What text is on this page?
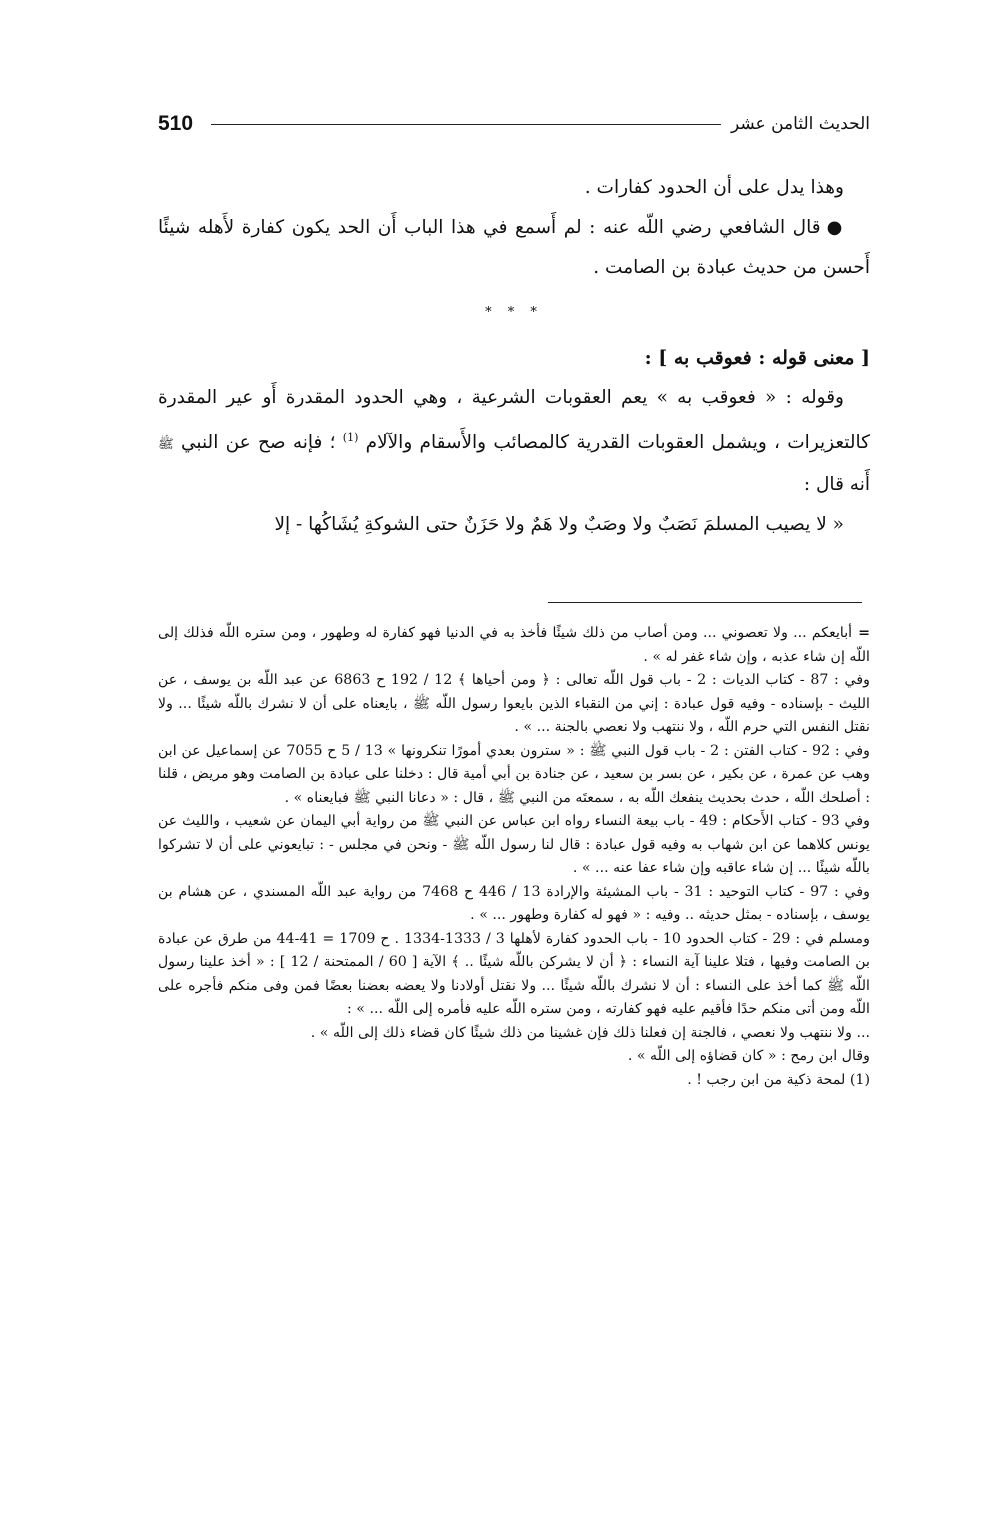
510	الحديث الثامن عشر

وهذا يدل على أن الحدود كفارات .

●قال الشافعي رضي اللّه عنه : لم أَسمع في هذا الباب أَن الحد يكون كفارة لأَهله شيئًا أَحسن من حديث عبادة بن الصامت .

* * *

[ معنى قوله : فعوقب به ] :

وقوله : « فعوقب به » يعم العقوبات الشرعية ، وهي الحدود المقدرة أَو عير المقدرة كالتعزيرات ، ويشمل العقوبات القدرية كالمصائب والأَسقام والآلام $^{(1)}$ ؛ فإنه صح عن النبي ﷺ أَنه قال :

« لا يصيب المسلمَ نَصَبٌ ولا وصَبٌ ولا هَمٌ ولا حَزَنٌ حتى الشوكةِ يُشَاكُها - إلا

=أبايعكم ... ولا تعصوني ... ومن أصاب من ذلك شيئًا فأخذ به في الدنيا فهو كفارة له وطهور ، ومن ستره اللّه فذلك إلى اللّه إن شاء عذبه ، وإن شاء غفر له » .

وفي : 87 - كتاب الديات : 2 - باب قول اللّه تعالى : ﴿ ومن أحياها ﴾ 12 / 192 ح 6863 عن عبد اللّه بن يوسف ، عن الليث - بإسناده - وفيه قول عبادة : إني من النقباء الذين بايعوا رسول اللّه ﷺ ، بايعناه على أن لا نشرك باللّه شيئًا ... ولا نقتل النفس التي حرم اللّه ، ولا ننتهب ولا نعصي بالجنة ... » .

وفي : 92 - كتاب الفتن : 2 - باب قول النبي ﷺ : « سترون بعدي أمورًا تنكرونها » 13 / 5 ح 7055 عن إسماعيل عن ابن وهب عن عمرة ، عن بكير ، عن بسر بن سعيد ، عن جنادة بن أبي أمية قال : دخلنا على عبادة بن الصامت وهو مريض ، قلنا : أصلحك اللّه ، حدث بحديث ينفعك اللّه به ، سمعتَه من النبي ﷺ ، قال : « دعانا النبي ﷺ فبايعناه » .

وفي 93 - كتاب الأَحكام : 49 - باب بيعة النساء رواه ابن عباس عن النبي ﷺ من رواية أبي اليمان عن شعيب ، والليث عن يونس كلاهما عن ابن شهاب به وفيه قول عبادة : قال لنا رسول اللّه ﷺ - ونحن في مجلس - : تبايعوني على أن لا تشركوا باللّه شيئًا ... إن شاء عاقبه وإن شاء عفا عنه ... » .

وفي : 97 - كتاب التوحيد : 31 - باب المشيئة والإرادة 13 / 446 ح 7468 من رواية عبد اللّه المسندي ، عن هشام بن يوسف ، بإسناده - بمثل حديثه .. وفيه : « فهو له كفارة وطهور ... » .

ومسلم في : 29 - كتاب الحدود 10 - باب الحدود كفارة لأهلها 3 / 1333-1334 . ح 1709 = 41-44 من طرق عن عبادة بن الصامت وفيها ، فتلا علينا آية النساء : ﴿ أن لا يشركن باللّه شيئًا .. ﴾ الآية [ 60 / الممتحنة / 12 ] : « أخذ علينا رسول اللّه ﷺ كما أخذ على النساء : أن لا نشرك باللّه شيئًا ... ولا نقتل أولادنا ولا يعضه بعضنا بعضًا فمن وفى منكم فأجره على اللّه ومن أتى منكم حدًا فأقيم عليه فهو كفارته ، ومن ستره اللّه عليه فأمره إلى اللّه ... » :

... ولا ننتهب ولا نعصي ، فالجنة إن فعلنا ذلك فإن غشينا من ذلك شيئًا كان قضاء ذلك إلى اللّه » .

وقال ابن رمح : « كان قضاؤه إلى اللّه » .

(1) لمحة ذكية من ابن رجب ! .
